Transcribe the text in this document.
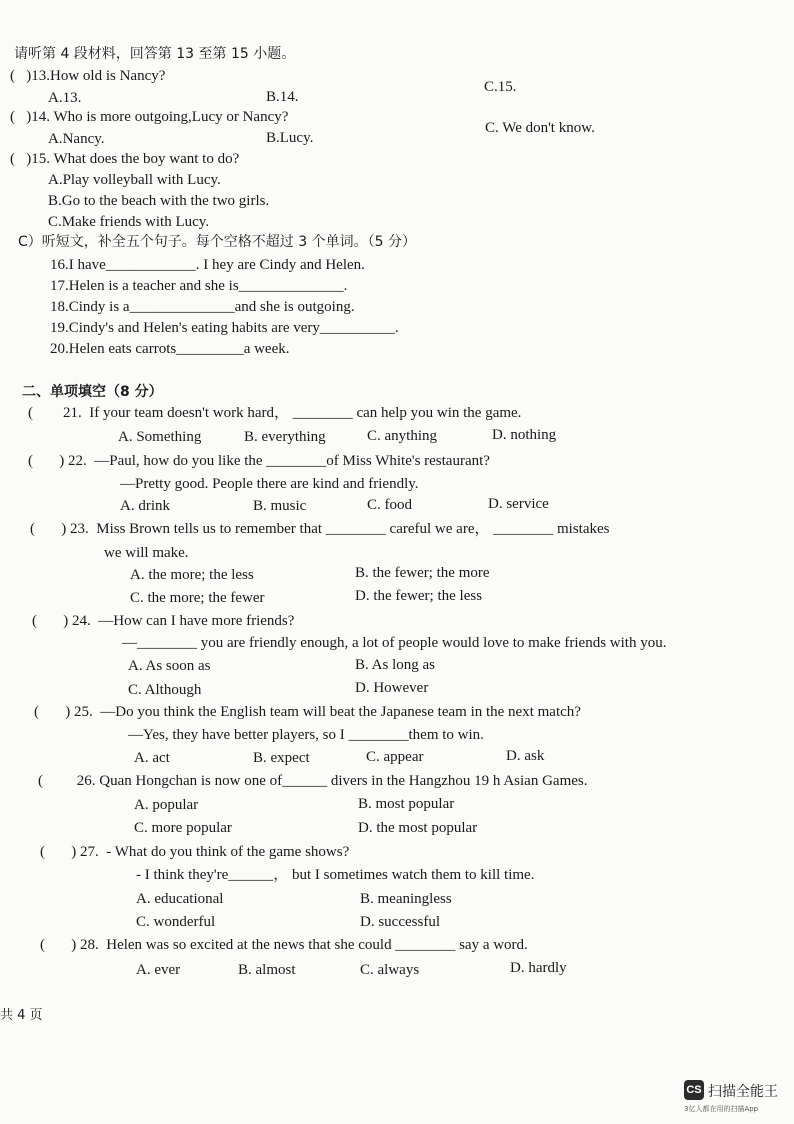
请听第 4 段材料，回答第 13 至第 15 小题。
(   )13.How old is Nancy?
A.13.	B.14.
C.15.
(   )14. Who is more outgoing,Lucy or Nancy?
A.Nancy.	B.Lucy.
C. We don't know.
(   )15. What does the boy want to do?
A.Play volleyball with Lucy.
B.Go to the beach with the two girls.
C.Make friends with Lucy.
C）听短文，补全五个句子。每个空格不超过 3 个单词。（5 分）
16.I have____________. I hey are Cindy and Helen.
17.Helen is a teacher and she is______________.
18.Cindy is a______________and she is outgoing.
19.Cindy's and Helen's eating habits are very__________.
20.Helen eats carrots_________a week.
二、单项填空（8 分）
(        21.  If your team doesn't work hard， ________ can help you win the game.
A. Something	B. everything	C. anything	D. nothing
(       ) 22.  —Paul, how do you like the ________of Miss White's restaurant?
—Pretty good. People there are kind and friendly.
A. drink	B. music	C. food	D. service
(       ) 23.  Miss Brown tells us to remember that ________ careful we are， ________ mistakes
we will make.
A. the more; the less	B. the fewer; the more
C. the more; the fewer	D. the fewer; the less
(       ) 24.  —How can I have more friends?
—________ you are friendly enough, a lot of people would love to make friends with you.
A. As soon as	B. As long as
C. Although	D. However
(       ) 25.  —Do you think the English team will beat the Japanese team in the next match?
—Yes, they have better players, so I ________them to win.
A. act	B. expect	C. appear	D. ask
(         26. Quan Hongchan is now one of______ divers in the Hangzhou 19 h Asian Games.
A. popular	B. most popular
C. more popular	D. the most popular
(       ) 27.  - What do you think of the game shows?
- I think they're______， but I sometimes watch them to kill time.
A. educational	B. meaningless
C. wonderful	D. successful
(       ) 28.  Helen was so excited at the news that she could ________ say a word.
A. ever	B. almost	C. always	D. hardly
共 4 页
CS 扫描全能王
3亿人都在用的扫描App
